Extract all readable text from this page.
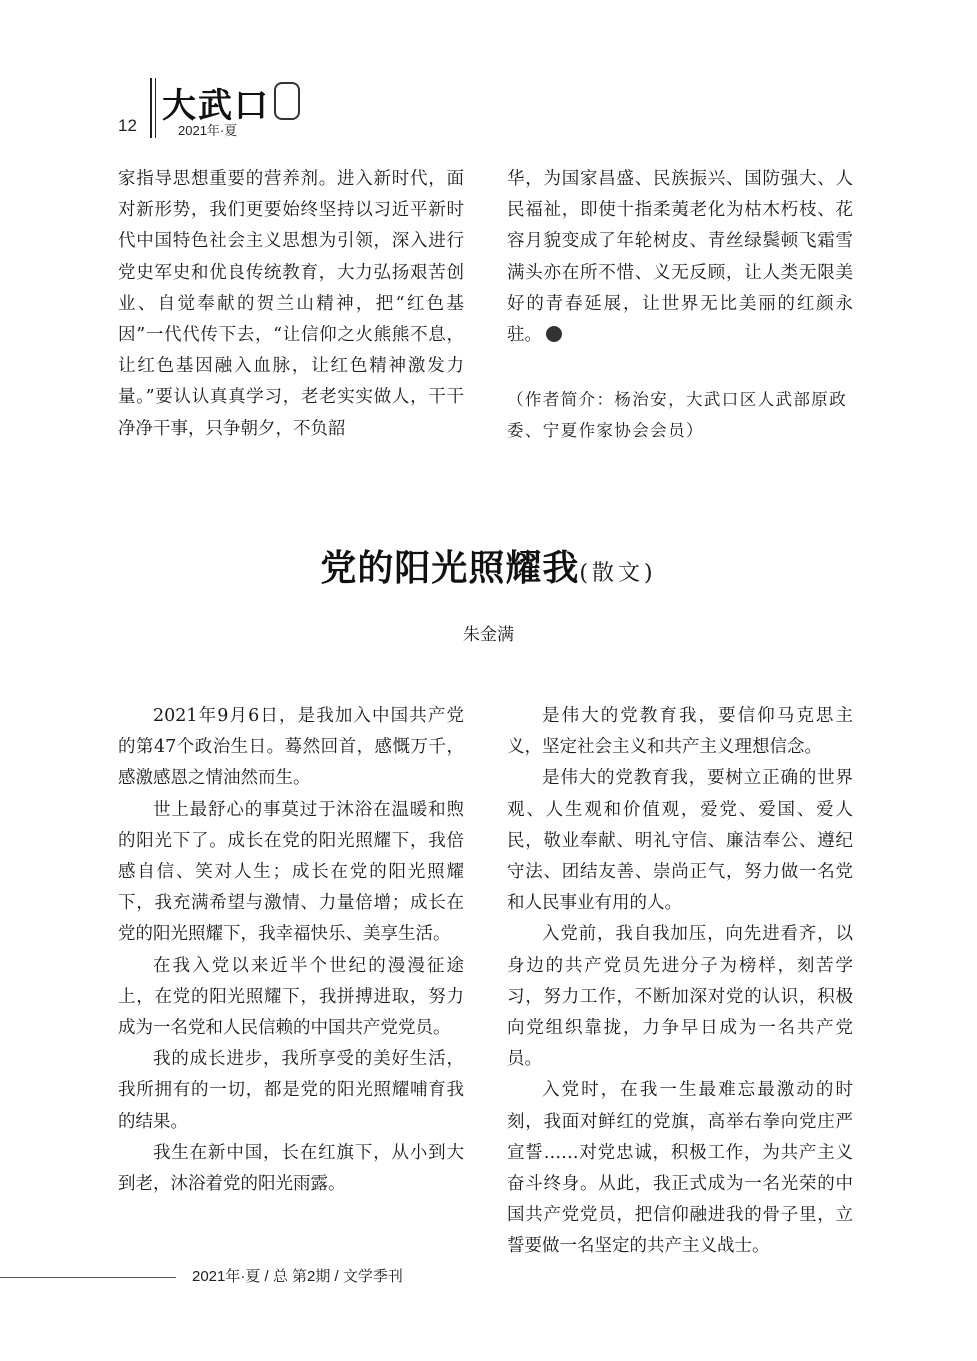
12 大武口
2021年·夏

家指导思想重要的营养剂。进入新时代，面对新形势，我们更要始终坚持以习近平新时代中国特色社会主义思想为引领，深入进行党史军史和优良传统教育，大力弘扬艰苦创业、自觉奉献的贺兰山精神，把“红色基因”一代代传下去，“让信仰之火熊熊不息，让红色基因融入血脉，让红色精神激发力量。”要认认真真学习，老老实实做人，干干净净干事，只争朝夕，不负韶

华，为国家昌盛、民族振兴、国防强大、人民福祉，即使十指柔荑老化为枯木朽枝、花容月貌变成了年轮树皮、青丝绿鬓顿飞霜雪满头亦在所不惜、义无反顾，让人类无限美好的青春延展，让世界无比美丽的红颜永驻。

（作者简介：杨治安，大武口区人武部原政委、宁夏作家协会会员）
党的阳光照耀我(散文)
朱金满

2021年9月6日，是我加入中国共产党的第47个政治生日。蓦然回首，感慨万千，感激感恩之情油然而生。

世上最舒心的事莫过于沐浴在温暖和煦的阳光下了。成长在党的阳光照耀下，我倍感自信、笑对人生；成长在党的阳光照耀下，我充满希望与激情、力量倍增；成长在党的阳光照耀下，我幸福快乐、美享生活。

在我入党以来近半个世纪的漫漫征途上，在党的阳光照耀下，我拼搏进取，努力成为一名党和人民信赖的中国共产党党员。

我的成长进步，我所享受的美好生活，我所拥有的一切，都是党的阳光照耀哺育我的结果。

我生在新中国，长在红旗下，从小到大到老，沐浴着党的阳光雨露。

是伟大的党教育我，要信仰马克思主义，坚定社会主义和共产主义理想信念。

是伟大的党教育我，要树立正确的世界观、人生观和价值观，爱党、爱国、爱人民，敬业奉献、明礼守信、廉洁奉公、遵纪守法、团结友善、崇尚正气，努力做一名党和人民事业有用的人。

入党前，我自我加压，向先进看齐，以身边的共产党员先进分子为榜样，刻苦学习，努力工作，不断加深对党的认识，积极向党组织靠拢，力争早日成为一名共产党员。

入党时，在我一生最难忘最激动的时刻，我面对鲜红的党旗，高举右拳向党庄严宣誓……对党忠诚，积极工作，为共产主义奋斗终身。从此，我正式成为一名光荣的中国共产党党员，把信仰融进我的骨子里，立誓要做一名坚定的共产主义战士。

2021年·夏 / 总 第2期 / 文学季刊
